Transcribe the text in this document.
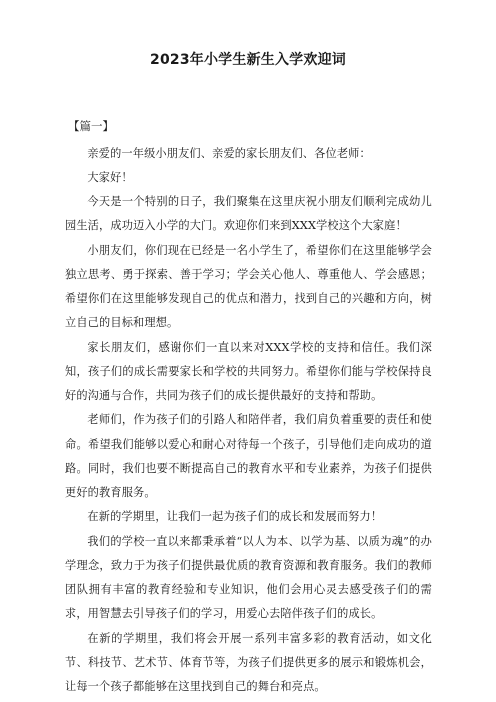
2023年小学生新生入学欢迎词
【篇一】

亲爱的一年级小朋友们、亲爱的家长朋友们、各位老师：

大家好！

今天是一个特别的日子，我们聚集在这里庆祝小朋友们顺利完成幼儿园生活，成功迈入小学的大门。欢迎你们来到XXX学校这个大家庭！

小朋友们，你们现在已经是一名小学生了，希望你们在这里能够学会独立思考、勇于探索、善于学习；学会关心他人、尊重他人、学会感恩；希望你们在这里能够发现自己的优点和潜力，找到自己的兴趣和方向，树立自己的目标和理想。

家长朋友们，感谢你们一直以来对XXX学校的支持和信任。我们深知，孩子们的成长需要家长和学校的共同努力。希望你们能与学校保持良好的沟通与合作，共同为孩子们的成长提供最好的支持和帮助。

老师们，作为孩子们的引路人和陪伴者，我们肩负着重要的责任和使命。希望我们能够以爱心和耐心对待每一个孩子，引导他们走向成功的道路。同时，我们也要不断提高自己的教育水平和专业素养，为孩子们提供更好的教育服务。

在新的学期里，让我们一起为孩子们的成长和发展而努力！

我们的学校一直以来都秉承着“以人为本、以学为基、以质为魂”的办学理念，致力于为孩子们提供最优质的教育资源和教育服务。我们的教师团队拥有丰富的教育经验和专业知识，他们会用心灵去感受孩子们的需求，用智慧去引导孩子们的学习，用爱心去陪伴孩子们的成长。

在新的学期里，我们将会开展一系列丰富多彩的教育活动，如文化节、科技节、艺术节、体育节等，为孩子们提供更多的展示和锻炼机会，让每一个孩子都能够在这里找到自己的舞台和亮点。
